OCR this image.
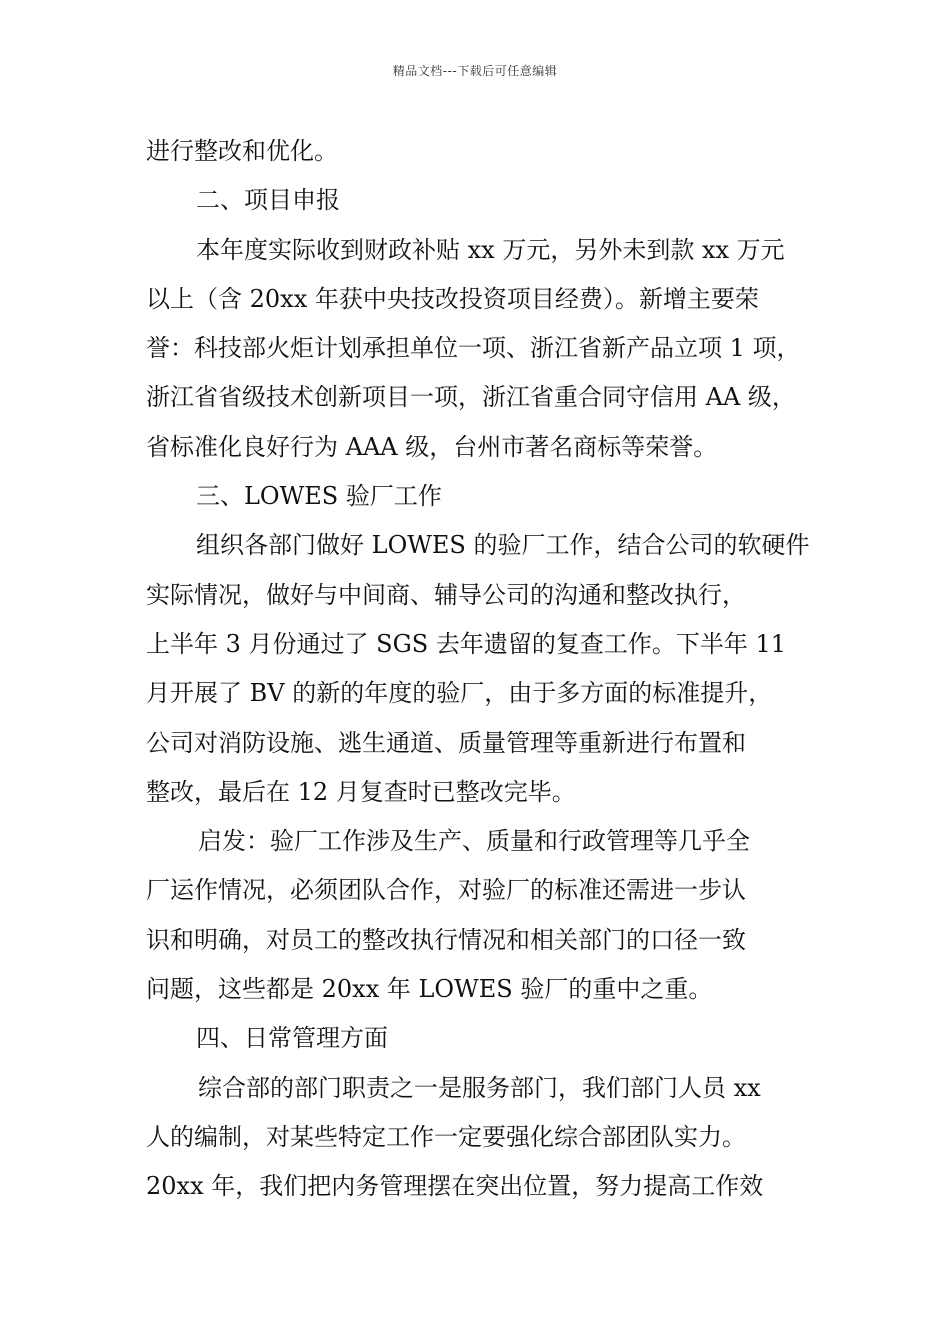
精品文档---下载后可任意编辑
进行整改和优化。
二、项目申报
本年度实际收到财政补贴 xx 万元，另外未到款 xx 万元
以上（含 20xx 年获中央技改投资项目经费）。新增主要荣
誉：科技部火炬计划承担单位一项、浙江省新产品立项 1 项，
浙江省省级技术创新项目一项，浙江省重合同守信用 AA 级，
省标准化良好行为 AAA 级，台州市著名商标等荣誉。
三、LOWES 验厂工作
组织各部门做好 LOWES 的验厂工作，结合公司的软硬件
实际情况，做好与中间商、辅导公司的沟通和整改执行，
上半年 3 月份通过了 SGS 去年遗留的复查工作。下半年 11
月开展了 BV 的新的年度的验厂，由于多方面的标准提升，
公司对消防设施、逃生通道、质量管理等重新进行布置和
整改，最后在 12 月复查时已整改完毕。
启发：验厂工作涉及生产、质量和行政管理等几乎全
厂运作情况，必须团队合作，对验厂的标准还需进一步认
识和明确，对员工的整改执行情况和相关部门的口径一致
问题，这些都是 20xx 年 LOWES 验厂的重中之重。
四、日常管理方面
综合部的部门职责之一是服务部门，我们部门人员 xx
人的编制，对某些特定工作一定要强化综合部团队实力。
20xx 年，我们把内务管理摆在突出位置，努力提高工作效
